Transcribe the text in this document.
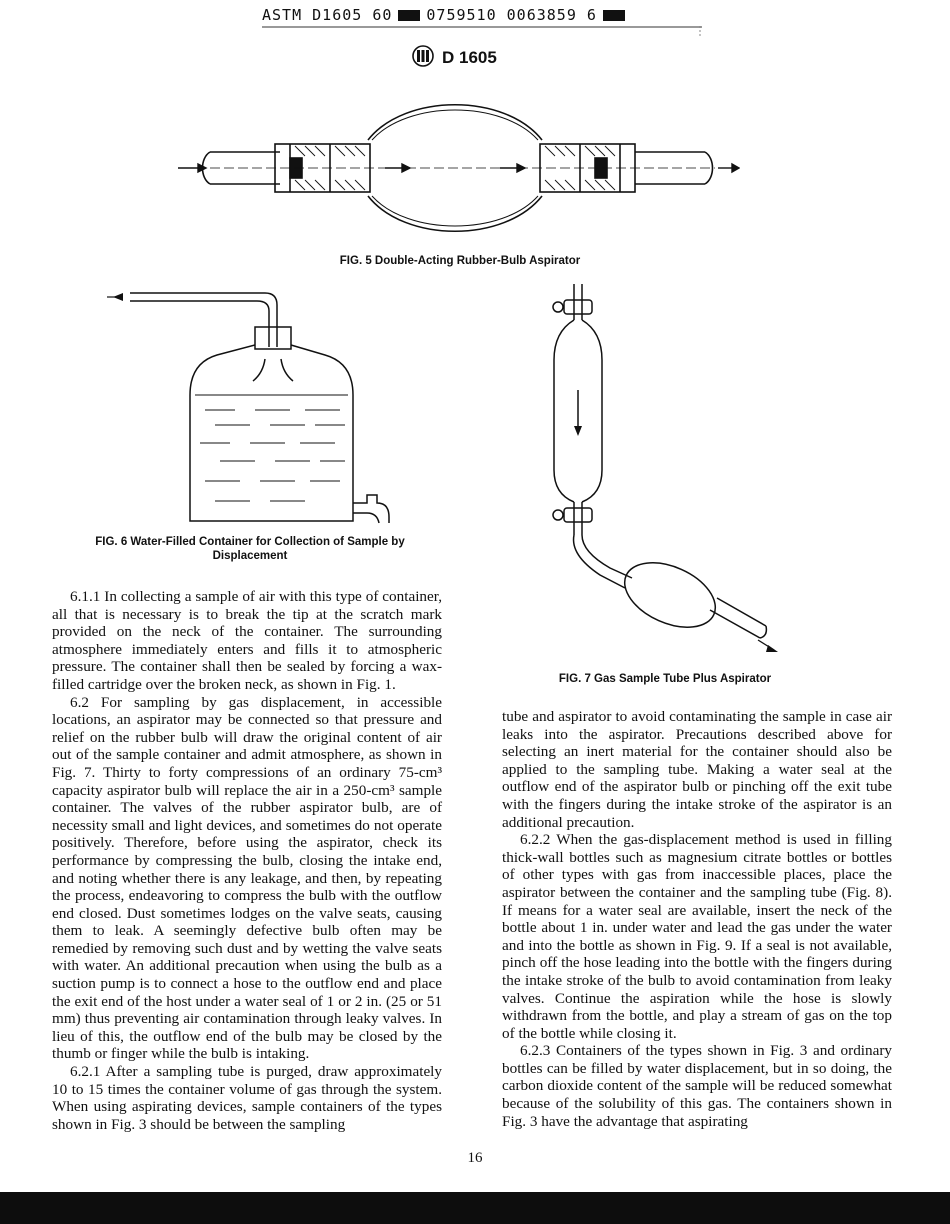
ASTM D1605 60 0759510 0063859 6
D 1605
FIG. 5 Double-Acting Rubber-Bulb Aspirator
FIG. 6 Water-Filled Container for Collection of Sample by
Displacement
FIG. 7 Gas Sample Tube Plus Aspirator

6.1.1 In collecting a sample of air with this type of container, all that is necessary is to break the tip at the scratch mark provided on the neck of the container. The surrounding atmosphere immediately enters and fills it to atmospheric pressure. The container shall then be sealed by forcing a wax-filled cartridge over the broken neck, as shown in Fig. 1.

6.2 For sampling by gas displacement, in accessible locations, an aspirator may be connected so that pressure and relief on the rubber bulb will draw the original content of air out of the sample container and admit atmosphere, as shown in Fig. 7. Thirty to forty compressions of an ordinary 75-cm³ capacity aspirator bulb will replace the air in a 250-cm³ sample container. The valves of the rubber aspirator bulb, are of necessity small and light devices, and sometimes do not operate positively. Therefore, before using the aspirator, check its performance by compressing the bulb, closing the intake end, and noting whether there is any leakage, and then, by repeating the process, endeavoring to compress the bulb with the outflow end closed. Dust sometimes lodges on the valve seats, causing them to leak. A seemingly defective bulb often may be remedied by removing such dust and by wetting the valve seats with water. An additional precaution when using the bulb as a suction pump is to connect a hose to the outflow end and place the exit end of the host under a water seal of 1 or 2 in. (25 or 51 mm) thus preventing air contamination through leaky valves. In lieu of this, the outflow end of the bulb may be closed by the thumb or finger while the bulb is intaking.

6.2.1 After a sampling tube is purged, draw approximately 10 to 15 times the container volume of gas through the system. When using aspirating devices, sample containers of the types shown in Fig. 3 should be between the sampling

tube and aspirator to avoid contaminating the sample in case air leaks into the aspirator. Precautions described above for selecting an inert material for the container should also be applied to the sampling tube. Making a water seal at the outflow end of the aspirator bulb or pinching off the exit tube with the fingers during the intake stroke of the aspirator is an additional precaution.

6.2.2 When the gas-displacement method is used in filling thick-wall bottles such as magnesium citrate bottles or bottles of other types with gas from inaccessible places, place the aspirator between the container and the sampling tube (Fig. 8). If means for a water seal are available, insert the neck of the bottle about 1 in. under water and lead the gas under the water and into the bottle as shown in Fig. 9. If a seal is not available, pinch off the hose leading into the bottle with the fingers during the intake stroke of the bulb to avoid contamination from leaky valves. Continue the aspiration while the hose is slowly withdrawn from the bottle, and play a stream of gas on the top of the bottle while closing it.

6.2.3 Containers of the types shown in Fig. 3 and ordinary bottles can be filled by water displacement, but in so doing, the carbon dioxide content of the sample will be reduced somewhat because of the solubility of this gas. The containers shown in Fig. 3 have the advantage that aspirating

16
